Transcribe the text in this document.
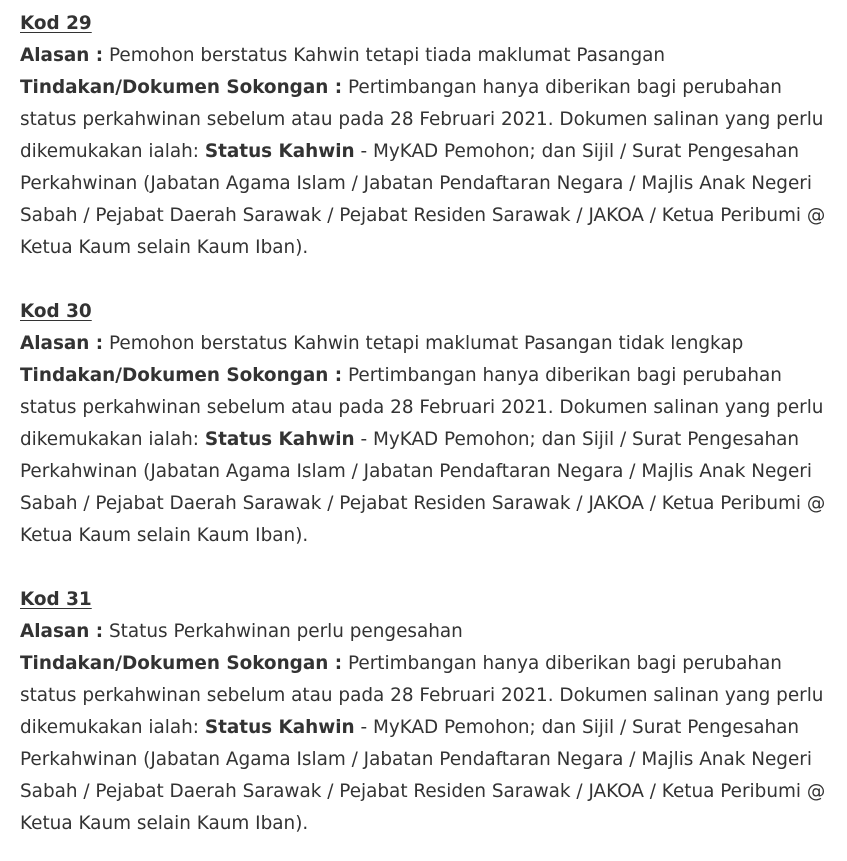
Kod 29

Alasan : Pemohon berstatus Kahwin tetapi tiada maklumat Pasangan

Tindakan/Dokumen Sokongan : Pertimbangan hanya diberikan bagi perubahan status perkahwinan sebelum atau pada 28 Februari 2021. Dokumen salinan yang perlu dikemukakan ialah: Status Kahwin - MyKAD Pemohon; dan Sijil / Surat Pengesahan Perkahwinan (Jabatan Agama Islam / Jabatan Pendaftaran Negara / Majlis Anak Negeri Sabah / Pejabat Daerah Sarawak / Pejabat Residen Sarawak / JAKOA / Ketua Peribumi @ Ketua Kaum selain Kaum Iban).

Kod 30

Alasan : Pemohon berstatus Kahwin tetapi maklumat Pasangan tidak lengkap

Tindakan/Dokumen Sokongan : Pertimbangan hanya diberikan bagi perubahan status perkahwinan sebelum atau pada 28 Februari 2021. Dokumen salinan yang perlu dikemukakan ialah: Status Kahwin - MyKAD Pemohon; dan Sijil / Surat Pengesahan Perkahwinan (Jabatan Agama Islam / Jabatan Pendaftaran Negara / Majlis Anak Negeri Sabah / Pejabat Daerah Sarawak / Pejabat Residen Sarawak / JAKOA / Ketua Peribumi @ Ketua Kaum selain Kaum Iban).

Kod 31

Alasan : Status Perkahwinan perlu pengesahan

Tindakan/Dokumen Sokongan : Pertimbangan hanya diberikan bagi perubahan status perkahwinan sebelum atau pada 28 Februari 2021. Dokumen salinan yang perlu dikemukakan ialah: Status Kahwin - MyKAD Pemohon; dan Sijil / Surat Pengesahan Perkahwinan (Jabatan Agama Islam / Jabatan Pendaftaran Negara / Majlis Anak Negeri Sabah / Pejabat Daerah Sarawak / Pejabat Residen Sarawak / JAKOA / Ketua Peribumi @ Ketua Kaum selain Kaum Iban).
